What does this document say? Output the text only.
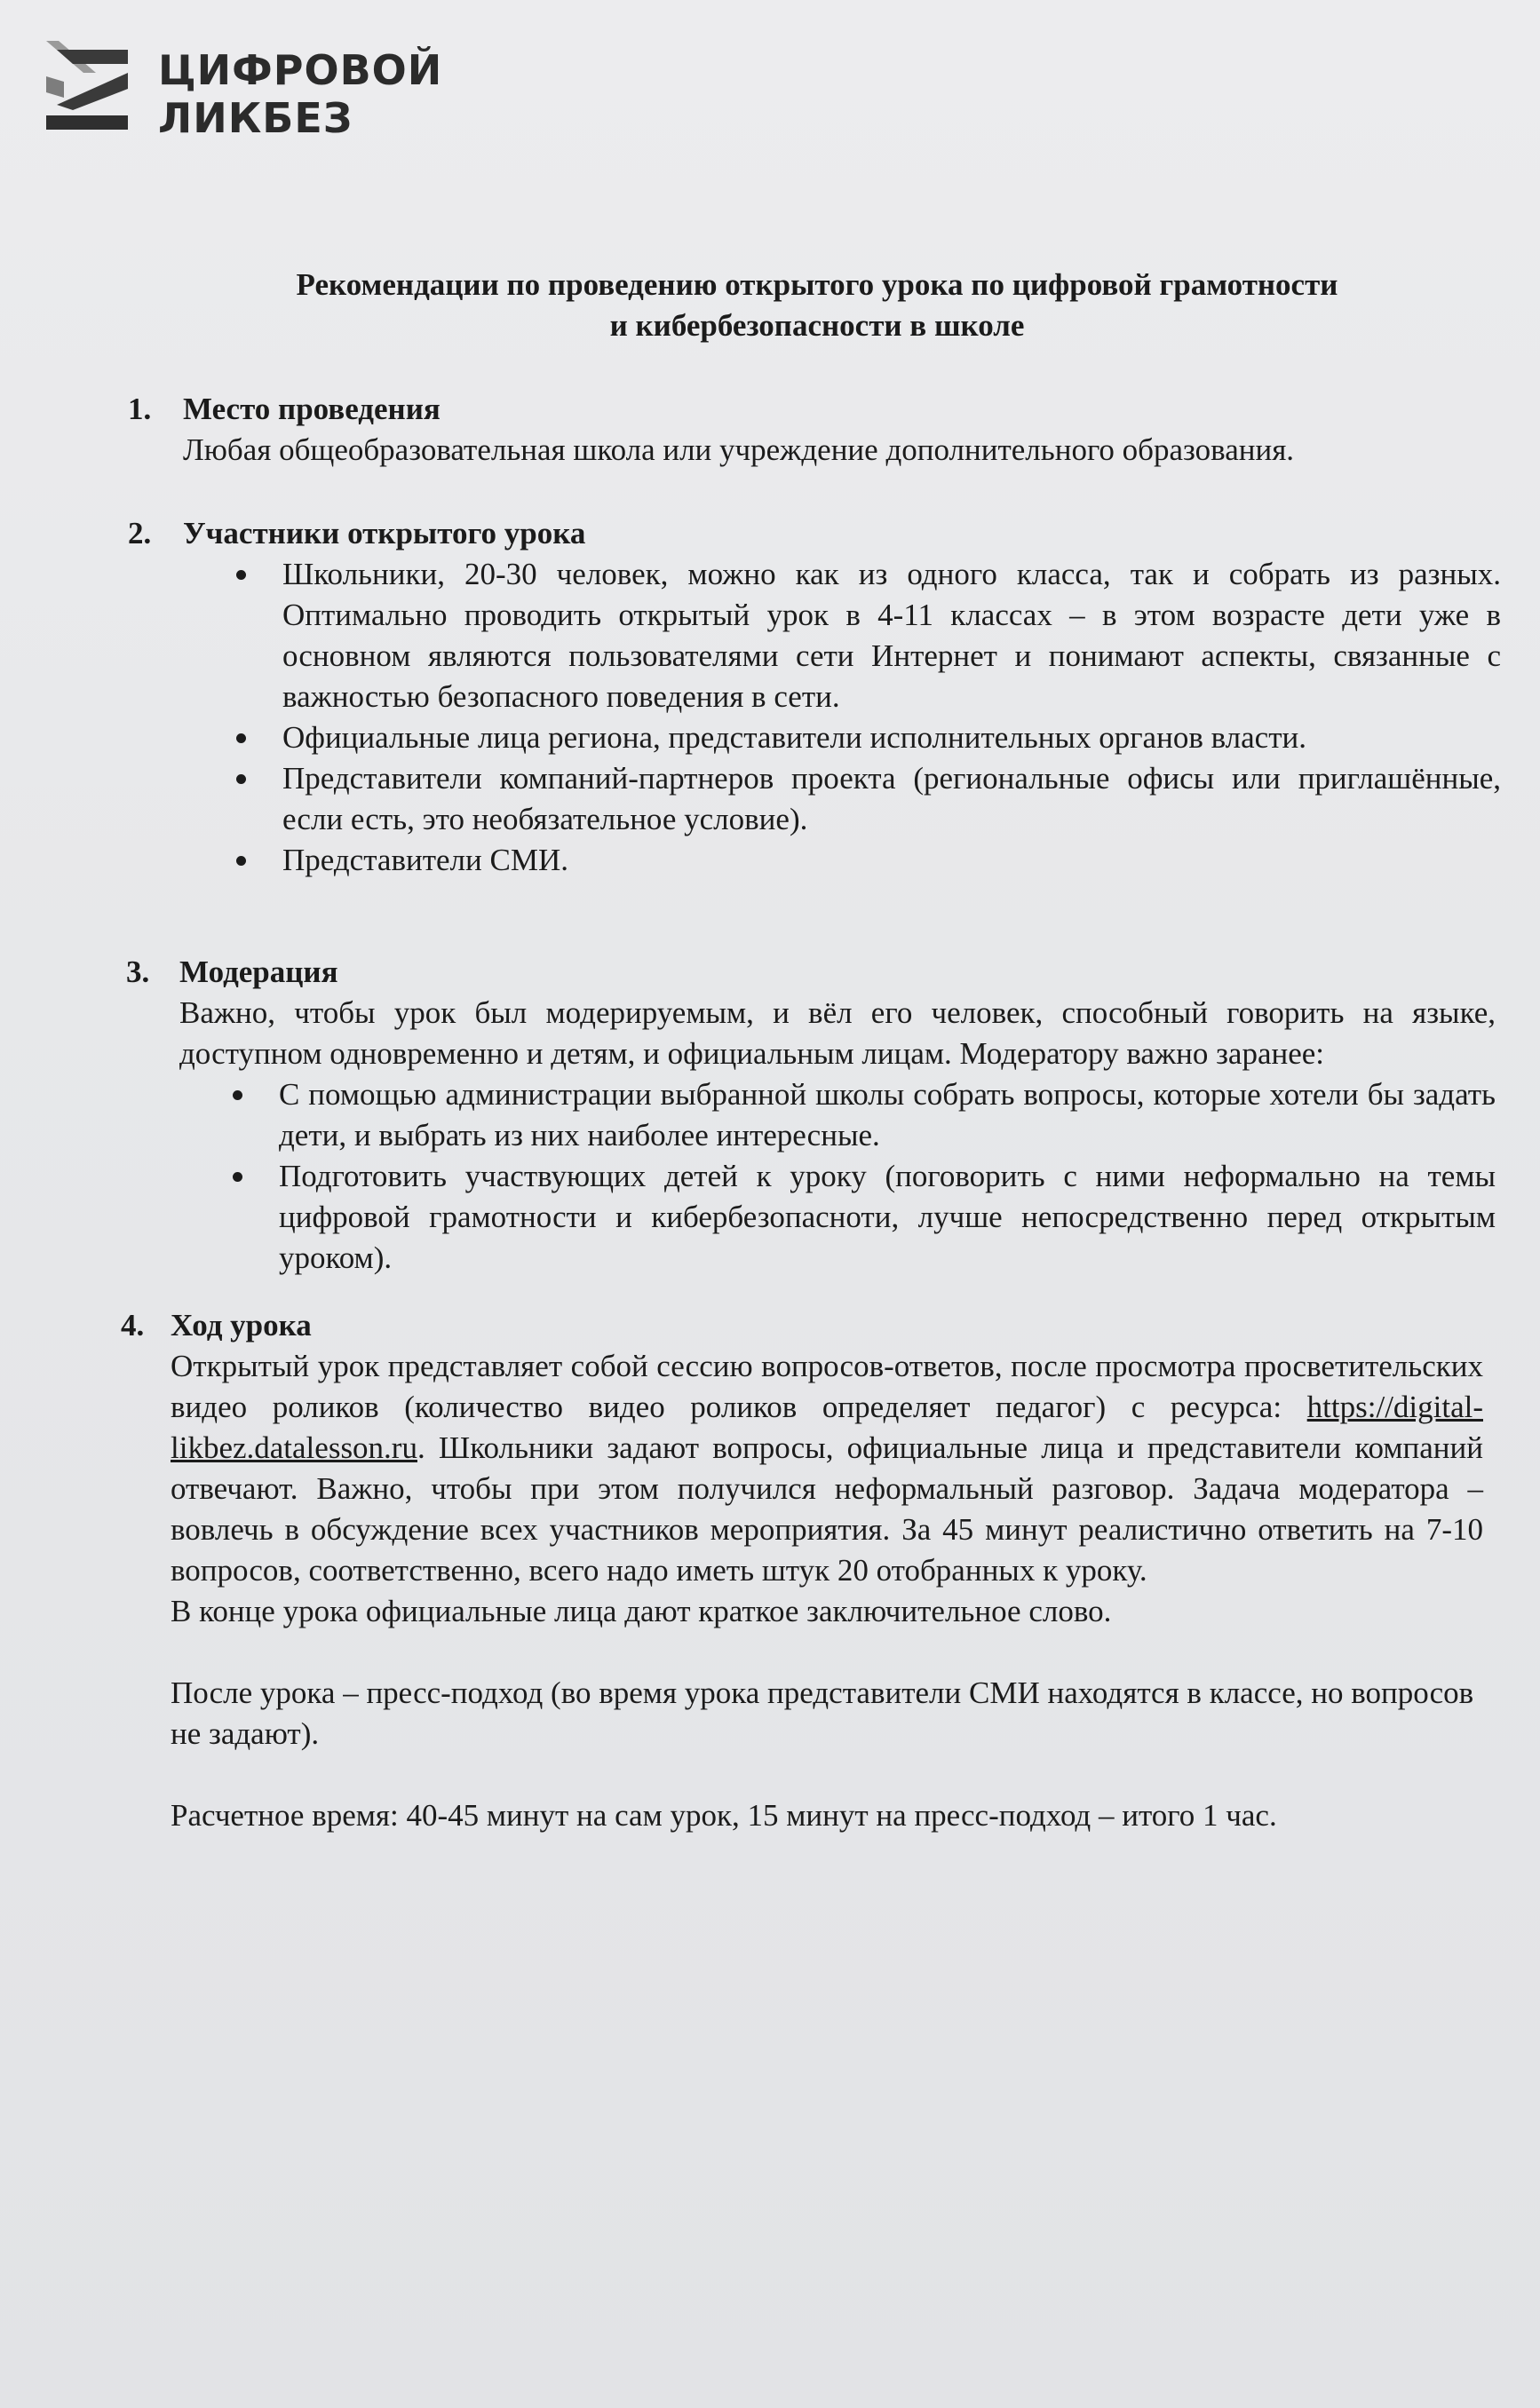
ЦИФРОВОЙ
ЛИКБЕЗ
Рекомендации по проведению открытого урока по цифровой грамотности
и кибербезопасности в школе
1. Место проведения

Любая общеобразовательная школа или учреждение дополнительного образования.

2. Участники открытого урока

Школьники, 20-30 человек, можно как из одного класса, так и собрать из разных. Оптимально проводить открытый урок в 4-11 классах – в этом возрасте дети уже в основном являются пользователями сети Интернет и понимают аспекты, связанные с важностью безопасного поведения в сети.
Официальные лица региона, представители исполнительных органов власти.
Представители компаний-партнеров проекта (региональные офисы или приглашённые, если есть, это необязательное условие).
Представители СМИ.
3. Модерация

Важно, чтобы урок был модерируемым, и вёл его человек, способный говорить на языке, доступном одновременно и детям, и официальным лицам. Модератору важно заранее:

С помощью администрации выбранной школы собрать вопросы, которые хотели бы задать дети, и выбрать из них наиболее интересные.
Подготовить участвующих детей к уроку (поговорить с ними неформально на темы цифровой грамотности и кибербезопасноти, лучше непосредственно перед открытым уроком).
4. Ход урока

Открытый урок представляет собой сессию вопросов-ответов, после просмотра просветительских видео роликов (количество видео роликов определяет педагог) с ресурса: https://digital-likbez.datalesson.ru. Школьники задают вопросы, официальные лица и представители компаний отвечают. Важно, чтобы при этом получился неформальный разговор. Задача модератора – вовлечь в обсуждение всех участников мероприятия. За 45 минут реалистично ответить на 7-10 вопросов, соответственно, всего надо иметь штук 20 отобранных к уроку.

В конце урока официальные лица дают краткое заключительное слово.

После урока – пресс-подход (во время урока представители СМИ находятся в классе, но вопросов не задают).

Расчетное время: 40-45 минут на сам урок, 15 минут на пресс-подход – итого 1 час.
